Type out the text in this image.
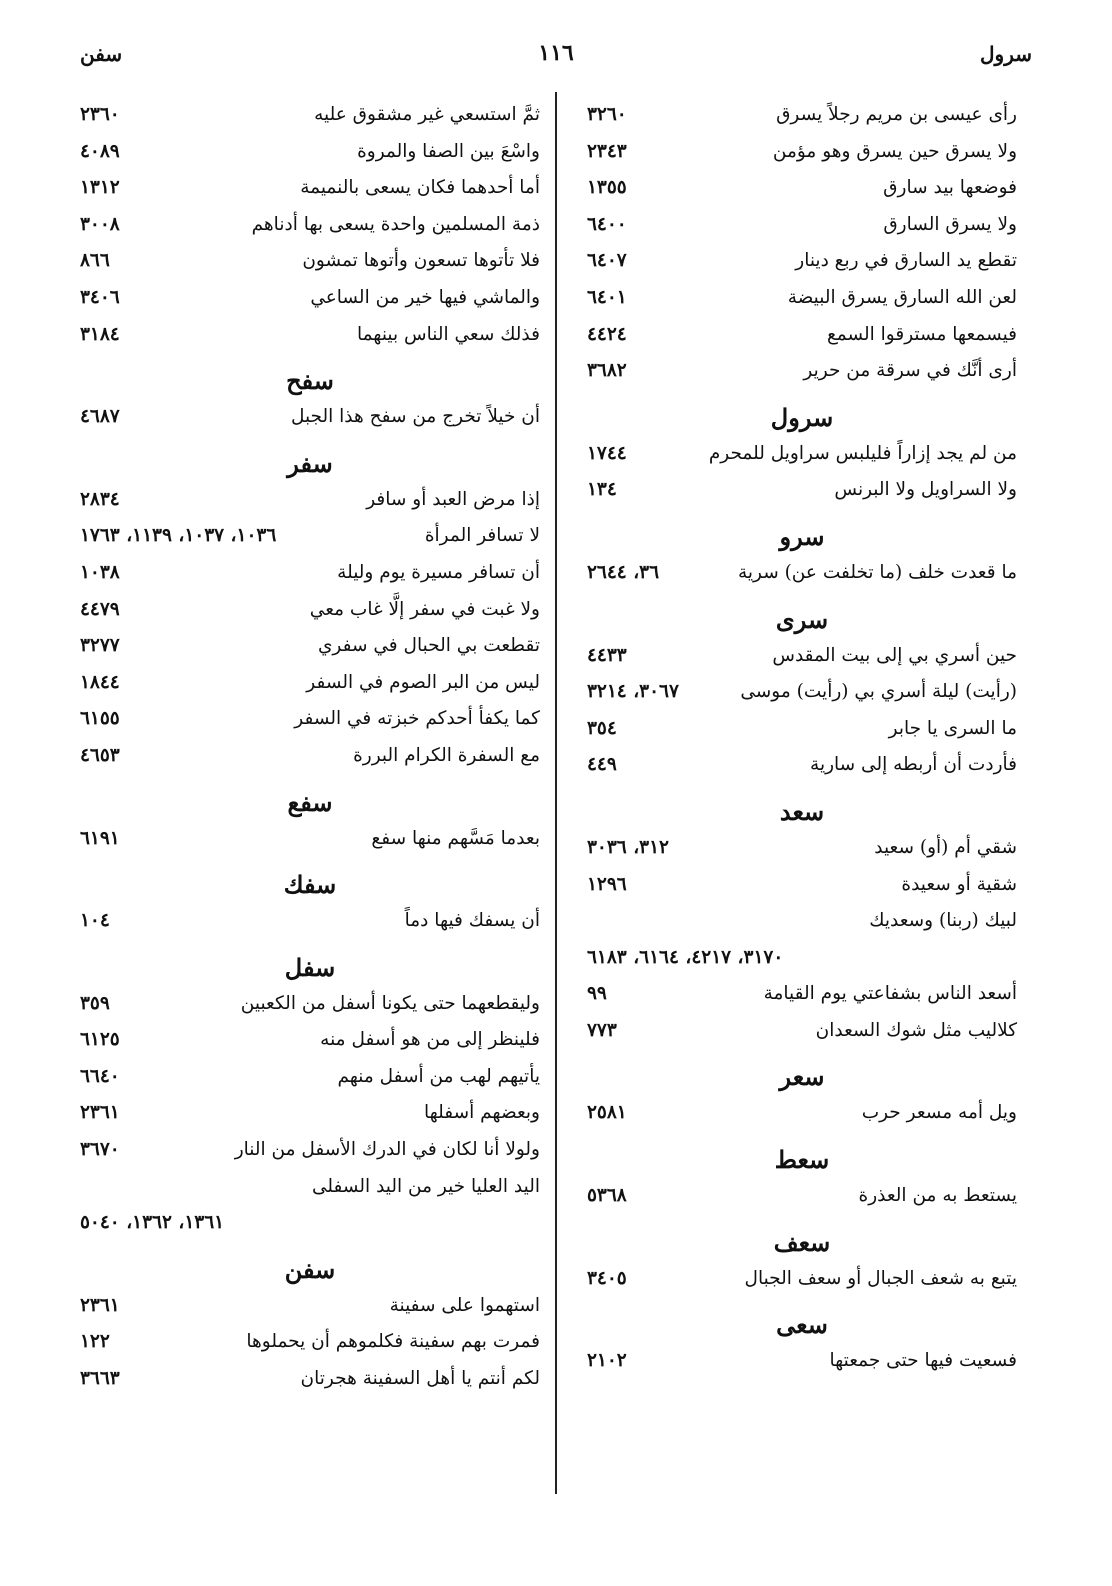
سرول
١١٦
سفن
رأى عيسى بن مريم رجلاً يسرق
٣٢٦٠
ولا يسرق حين يسرق وهو مؤمن
٢٣٤٣
فوضعها بيد سارق
١٣٥٥
ولا يسرق السارق
٦٤٠٠
تقطع يد السارق في ربع دينار
٦٤٠٧
لعن الله السارق يسرق البيضة
٦٤٠١
فيسمعها مسترقوا السمع
٤٤٢٤
أرى أنَّك في سرقة من حرير
٣٦٨٢
سرول
من لم يجد إزاراً فليلبس سراويل للمحرم
١٧٤٤
ولا السراويل ولا البرنس
١٣٤
سرو
ما قعدت خلف (ما تخلفت عن) سرية
٣٦، ٢٦٤٤
سرى
حين أسري بي إلى بيت المقدس
٤٤٣٣
(رأيت) ليلة أسري بي (رأيت) موسى
٣٠٦٧، ٣٢١٤
ما السرى يا جابر
٣٥٤
فأردت أن أربطه إلى سارية
٤٤٩
سعد
شقي أم (أو) سعيد
٣١٢، ٣٠٣٦
شقية أو سعيدة
١٢٩٦
لبيك (ربنا) وسعديك
٣١٧٠، ٤٢١٧، ٦١٦٤، ٦١٨٣
أسعد الناس بشفاعتي يوم القيامة
٩٩
كلاليب مثل شوك السعدان
٧٧٣
سعر
ويل أمه مسعر حرب
٢٥٨١
سعط
يستعط به من العذرة
٥٣٦٨
سعف
يتبع به شعف الجبال أو سعف الجبال
٣٤٠٥
سعى
فسعيت فيها حتى جمعتها
٢١٠٢
ثمَّ استسعي غير مشقوق عليه
٢٣٦٠
واسْعَ بين الصفا والمروة
٤٠٨٩
أما أحدهما فكان يسعى بالنميمة
١٣١٢
ذمة المسلمين واحدة يسعى بها أدناهم
٣٠٠٨
فلا تأتوها تسعون وأتوها تمشون
٨٦٦
والماشي فيها خير من الساعي
٣٤٠٦
فذلك سعي الناس بينهما
٣١٨٤
سفح
أن خيلاً تخرج من سفح هذا الجبل
٤٦٨٧
سفر
إذا مرض العبد أو سافر
٢٨٣٤
لا تسافر المرأة
١٠٣٦، ١٠٣٧، ١١٣٩، ١٧٦٣
أن تسافر مسيرة يوم وليلة
١٠٣٨
ولا غبت في سفر إلَّا غاب معي
٤٤٧٩
تقطعت بي الحبال في سفري
٣٢٧٧
ليس من البر الصوم في السفر
١٨٤٤
كما يكفأ أحدكم خبزته في السفر
٦١٥٥
مع السفرة الكرام البررة
٤٦٥٣
سفع
بعدما مَسَّهم منها سفع
٦١٩١
سفك
أن يسفك فيها دماً
١٠٤
سفل
وليقطعهما حتى يكونا أسفل من الكعبين
٣٥٩
فلينظر إلى من هو أسفل منه
٦١٢٥
يأتيهم لهب من أسفل منهم
٦٦٤٠
وبعضهم أسفلها
٢٣٦١
ولولا أنا لكان في الدرك الأسفل من النار
٣٦٧٠
اليد العليا خير من اليد السفلى
١٣٦١، ١٣٦٢، ٥٠٤٠
سفن
استهموا على سفينة
٢٣٦١
فمرت بهم سفينة فكلموهم أن يحملوها
١٢٢
لكم أنتم يا أهل السفينة هجرتان
٣٦٦٣
